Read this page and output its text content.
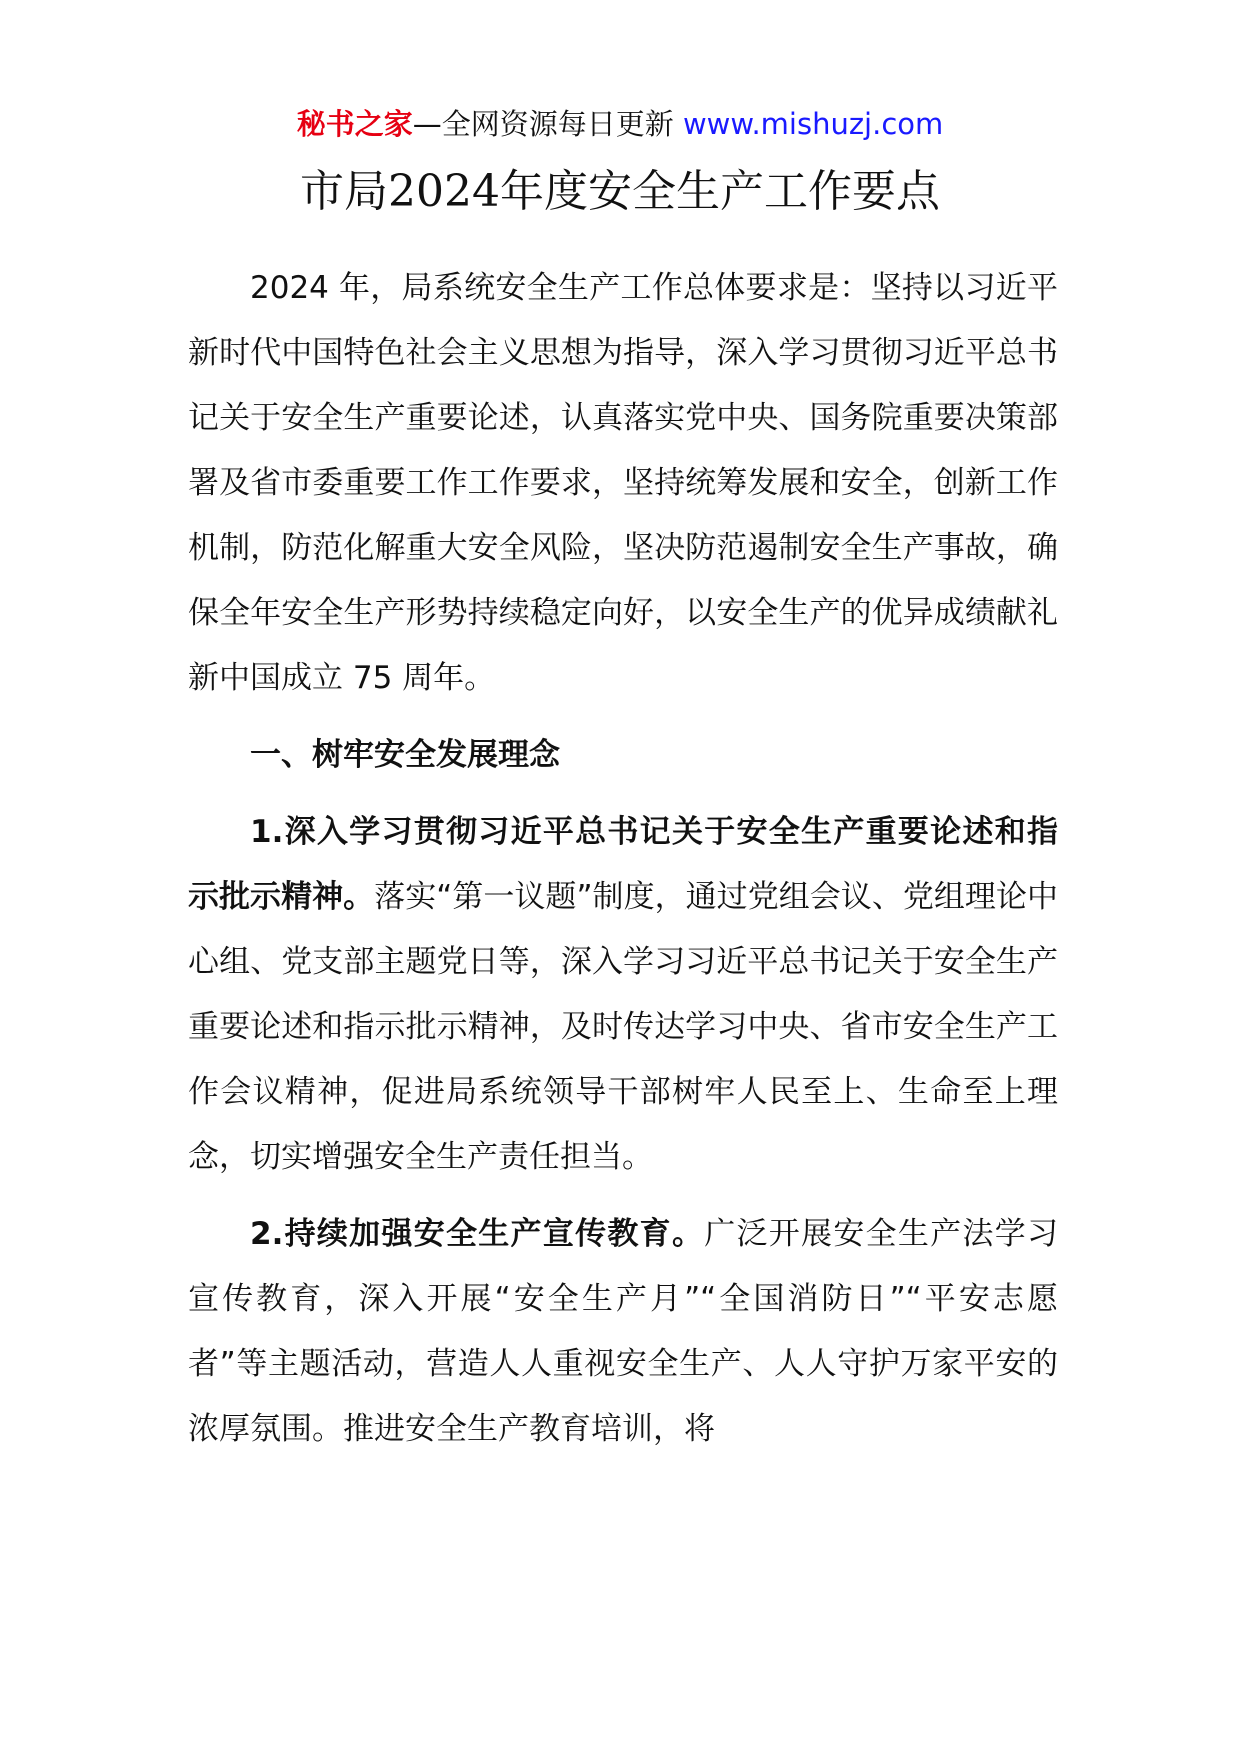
秘书之家—全网资源每日更新 www.mishuzj.com
市局2024年度安全生产工作要点

2024 年，局系统安全生产工作总体要求是：坚持以习近平新时代中国特色社会主义思想为指导，深入学习贯彻习近平总书记关于安全生产重要论述，认真落实党中央、国务院重要决策部署及省市委重要工作工作要求，坚持统筹发展和安全，创新工作机制，防范化解重大安全风险，坚决防范遏制安全生产事故，确保全年安全生产形势持续稳定向好，以安全生产的优异成绩献礼新中国成立 75 周年。

一、树牢安全发展理念

1.深入学习贯彻习近平总书记关于安全生产重要论述和指示批示精神。落实“第一议题”制度，通过党组会议、党组理论中心组、党支部主题党日等，深入学习习近平总书记关于安全生产重要论述和指示批示精神，及时传达学习中央、省市安全生产工作会议精神，促进局系统领导干部树牢人民至上、生命至上理念，切实增强安全生产责任担当。

2.持续加强安全生产宣传教育。广泛开展安全生产法学习宣传教育，深入开展“安全生产月”“全国消防日”“平安志愿者”等主题活动，营造人人重视安全生产、人人守护万家平安的浓厚氛围。推进安全生产教育培训，将
